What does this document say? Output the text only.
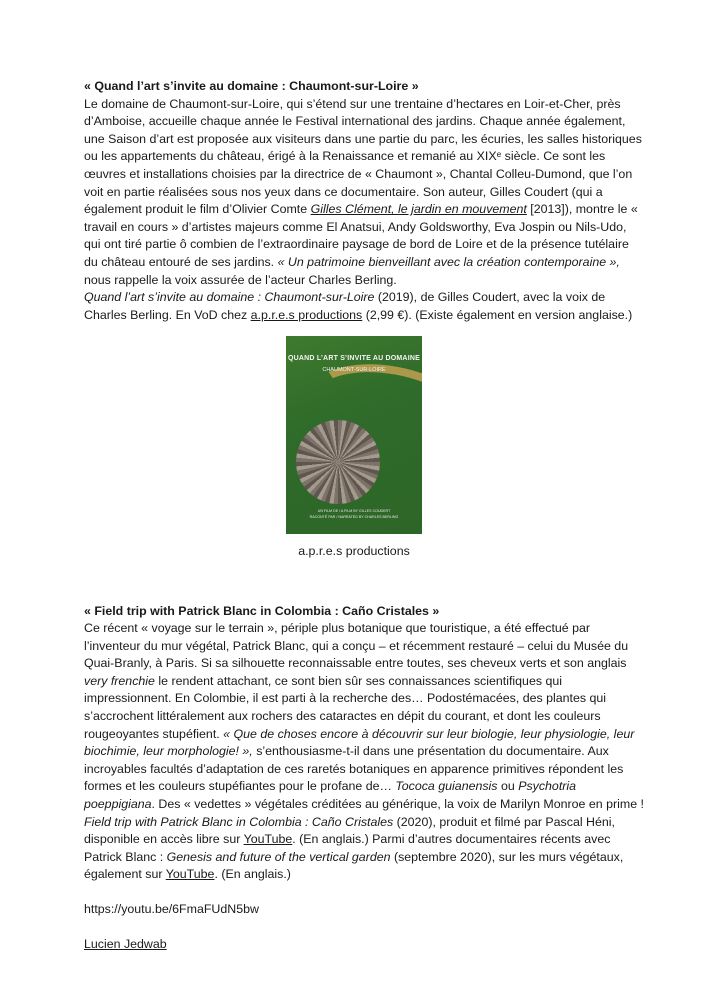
« Quand l’art s’invite au domaine : Chaumont-sur-Loire »

Le domaine de Chaumont-sur-Loire, qui s’étend sur une trentaine d’hectares en Loir-et-Cher, près d’Amboise, accueille chaque année le Festival international des jardins. Chaque année également, une Saison d’art est proposée aux visiteurs dans une partie du parc, les écuries, les salles historiques ou les appartements du château, érigé à la Renaissance et remanié au XIXᵉ siècle. Ce sont les œuvres et installations choisies par la directrice de « Chaumont », Chantal Colleu-Dumond, que l’on voit en partie réalisées sous nos yeux dans ce documentaire. Son auteur, Gilles Coudert (qui a également produit le film d’Olivier Comte Gilles Clément, le jardin en mouvement [2013]), montre le « travail en cours » d’artistes majeurs comme El Anatsui, Andy Goldsworthy, Eva Jospin ou Nils-Udo, qui ont tiré partie ô combien de l’extraordinaire paysage de bord de Loire et de la présence tutélaire du château entouré de ses jardins. « Un patrimoine bienveillant avec la création contemporaine », nous rappelle la voix assurée de l’acteur Charles Berling.

Quand l’art s’invite au domaine : Chaumont-sur-Loire (2019), de Gilles Coudert, avec la voix de Charles Berling. En VoD chez a.p.r.e.s productions (2,99 €). (Existe également en version anglaise.)

QUAND L’ART S’INVITE AU DOMAINE
CHAUMONT-SUR-LOIRE
UN FILM DE / A FILM BY GILLES COUDERT
RACONTÉ PAR / NARRATED BY CHARLES BERLING
a.p.r.e.s productions

« Field trip with Patrick Blanc in Colombia : Caño Cristales »

Ce récent « voyage sur le terrain », périple plus botanique que touristique, a été effectué par l’inventeur du mur végétal, Patrick Blanc, qui a conçu – et récemment restauré – celui du Musée du Quai-Branly, à Paris. Si sa silhouette reconnaissable entre toutes, ses cheveux verts et son anglais very frenchie le rendent attachant, ce sont bien sûr ses connaissances scientifiques qui impressionnent. En Colombie, il est parti à la recherche des… Podostémacées, des plantes qui s’accrochent littéralement aux rochers des cataractes en dépit du courant, et dont les couleurs rougeoyantes stupéfient. « Que de choses encore à découvrir sur leur biologie, leur physiologie, leur biochimie, leur morphologie! », s’enthousiasme-t-il dans une présentation du documentaire. Aux incroyables facultés d’adaptation de ces raretés botaniques en apparence primitives répondent les formes et les couleurs stupéfiantes pour le profane de… Tococa guianensis ou Psychotria poeppigiana. Des « vedettes » végétales créditées au générique, la voix de Marilyn Monroe en prime !

Field trip with Patrick Blanc in Colombia : Caño Cristales (2020), produit et filmé par Pascal Héni, disponible en accès libre sur YouTube. (En anglais.) Parmi d’autres documentaires récents avec Patrick Blanc : Genesis and future of the vertical garden (septembre 2020), sur les murs végétaux, également sur YouTube. (En anglais.)

https://youtu.be/6FmaFUdN5bw

Lucien Jedwab
